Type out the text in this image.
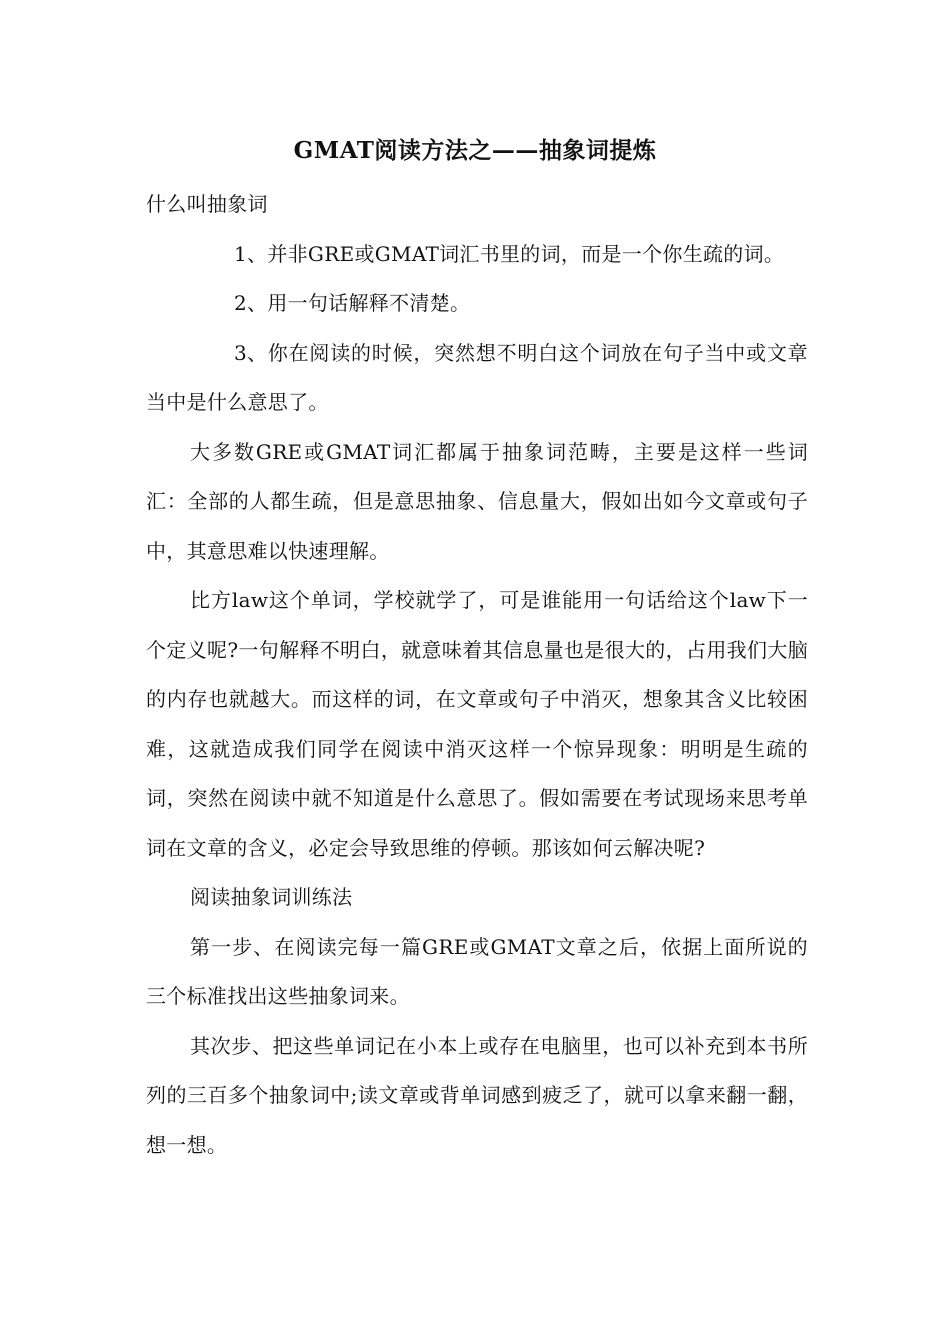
GMAT阅读方法之——抽象词提炼

什么叫抽象词

1、并非GRE或GMAT词汇书里的词，而是一个你生疏的词。

2、用一句话解释不清楚。

3、你在阅读的时候，突然想不明白这个词放在句子当中或文章当中是什么意思了。

大多数GRE或GMAT词汇都属于抽象词范畴，主要是这样一些词汇：全部的人都生疏，但是意思抽象、信息量大，假如出如今文章或句子中，其意思难以快速理解。

比方law这个单词，学校就学了，可是谁能用一句话给这个law下一个定义呢?一句解释不明白，就意味着其信息量也是很大的，占用我们大脑的内存也就越大。而这样的词，在文章或句子中消灭，想象其含义比较困难，这就造成我们同学在阅读中消灭这样一个惊异现象：明明是生疏的词，突然在阅读中就不知道是什么意思了。假如需要在考试现场来思考单词在文章的含义，必定会导致思维的停顿。那该如何云解决呢?

阅读抽象词训练法

第一步、在阅读完每一篇GRE或GMAT文章之后，依据上面所说的三个标准找出这些抽象词来。

其次步、把这些单词记在小本上或存在电脑里，也可以补充到本书所列的三百多个抽象词中;读文章或背单词感到疲乏了，就可以拿来翻一翻，想一想。
